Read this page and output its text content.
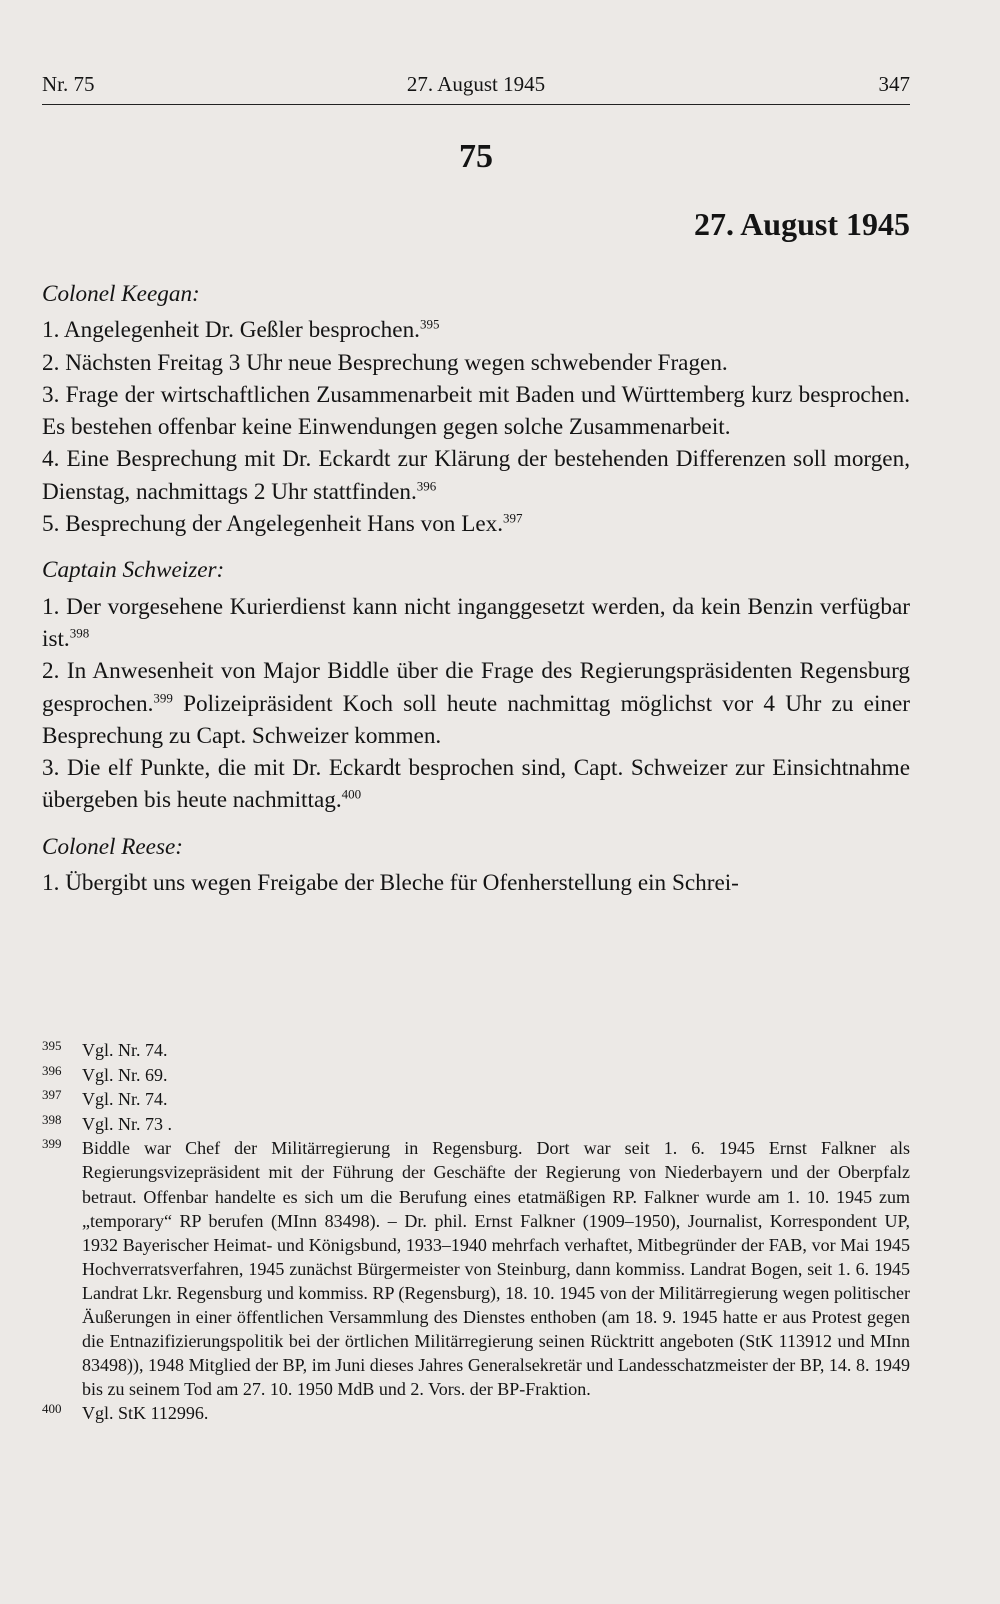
Nr. 75	27. August 1945	347
75
27. August 1945

Colonel Keegan:

1. Angelegenheit Dr. Geßler besprochen.$^{395}$

2. Nächsten Freitag 3 Uhr neue Besprechung wegen schwebender Fragen.

3. Frage der wirtschaftlichen Zusammenarbeit mit Baden und Württemberg kurz besprochen. Es bestehen offenbar keine Einwendungen gegen solche Zusammenarbeit.

4. Eine Besprechung mit Dr. Eckardt zur Klärung der bestehenden Differenzen soll morgen, Dienstag, nachmittags 2 Uhr stattfinden.$^{396}$

5. Besprechung der Angelegenheit Hans von Lex.$^{397}$

Captain Schweizer:

1. Der vorgesehene Kurierdienst kann nicht inganggesetzt werden, da kein Benzin verfügbar ist.$^{398}$

2. In Anwesenheit von Major Biddle über die Frage des Regierungspräsidenten Regensburg gesprochen.$^{399}$ Polizeipräsident Koch soll heute nachmittag möglichst vor 4 Uhr zu einer Besprechung zu Capt. Schweizer kommen.

3. Die elf Punkte, die mit Dr. Eckardt besprochen sind, Capt. Schweizer zur Einsichtnahme übergeben bis heute nachmittag.$^{400}$

Colonel Reese:

1. Übergibt uns wegen Freigabe der Bleche für Ofenherstellung ein Schrei-

395 Vgl. Nr. 74.
396 Vgl. Nr. 69.
397 Vgl. Nr. 74.
398 Vgl. Nr. 73 .
399 Biddle war Chef der Militärregierung in Regensburg. Dort war seit 1. 6. 1945 Ernst Falkner als Regierungsvizepräsident mit der Führung der Geschäfte der Regierung von Niederbayern und der Oberpfalz betraut. Offenbar handelte es sich um die Berufung eines etatmäßigen RP. Falkner wurde am 1. 10. 1945 zum „temporary“ RP berufen (MInn 83498). – Dr. phil. Ernst Falkner (1909–1950), Journalist, Korrespondent UP, 1932 Bayerischer Heimat- und Königsbund, 1933–1940 mehrfach verhaftet, Mitbegründer der FAB, vor Mai 1945 Hochverratsverfahren, 1945 zunächst Bürgermeister von Steinburg, dann kommiss. Landrat Bogen, seit 1. 6. 1945 Landrat Lkr. Regensburg und kommiss. RP (Regensburg), 18. 10. 1945 von der Militärregierung wegen politischer Äußerungen in einer öffentlichen Versammlung des Dienstes enthoben (am 18. 9. 1945 hatte er aus Protest gegen die Entnazifizierungspolitik bei der örtlichen Militärregierung seinen Rücktritt angeboten (StK 113912 und MInn 83498)), 1948 Mitglied der BP, im Juni dieses Jahres Generalsekretär und Landesschatzmeister der BP, 14. 8. 1949 bis zu seinem Tod am 27. 10. 1950 MdB und 2. Vors. der BP-Fraktion.
400 Vgl. StK 112996.
